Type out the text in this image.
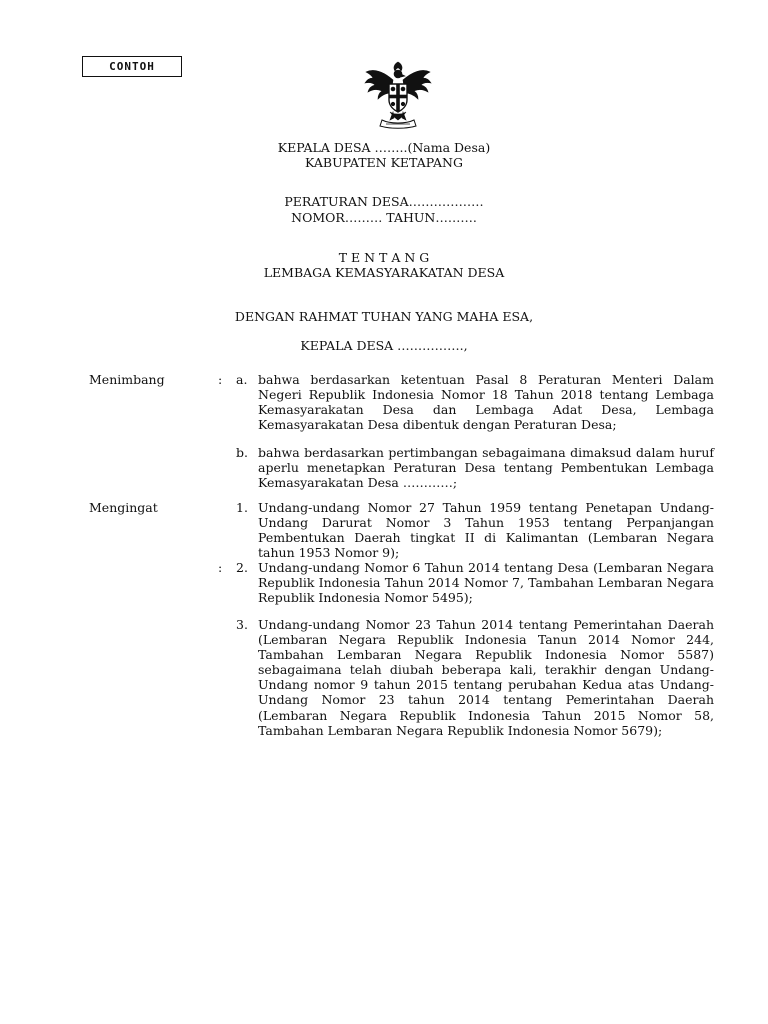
CONTOH
KEPALA DESA ……..(Nama Desa)
KABUPATEN KETAPANG
PERATURAN DESA………………
NOMOR……… TAHUN……….
T E N T A N G
LEMBAGA KEMASYARAKATAN DESA
DENGAN RAHMAT TUHAN YANG MAHA ESA,
KEPALA DESA …………….,
Menimbang	: a. bahwa berdasarkan ketentuan Pasal 8 Peraturan Menteri Dalam Negeri Republik Indonesia Nomor 18 Tahun 2018 tentang Lembaga Kemasyarakatan Desa dan Lembaga Adat Desa, Lembaga Kemasyarakatan Desa dibentuk dengan Peraturan Desa;

b. bahwa berdasarkan pertimbangan sebagaimana dimaksud dalam huruf aperlu menetapkan Peraturan Desa tentang Pembentukan Lembaga Kemasyarakatan Desa …………;

Mengingat
:
1. Undang-undang Nomor 27 Tahun 1959 tentang Penetapan Undang-Undang Darurat Nomor 3 Tahun 1953 tentang Perpanjangan Pembentukan Daerah tingkat II di Kalimantan (Lembaran Negara tahun 1953 Nomor 9);

2. Undang-undang Nomor 6 Tahun 2014 tentang Desa (Lembaran Negara Republik Indonesia Tahun 2014 Nomor 7, Tambahan Lembaran Negara Republik Indonesia Nomor 5495);

3. Undang-undang Nomor 23 Tahun 2014 tentang Pemerintahan Daerah (Lembaran Negara Republik Indonesia Tanun 2014 Nomor 244, Tambahan Lembaran Negara Republik Indonesia Nomor 5587) sebagaimana telah diubah beberapa kali, terakhir dengan Undang-Undang nomor 9 tahun 2015 tentang perubahan Kedua atas Undang-Undang Nomor 23 tahun 2014 tentang Pemerintahan Daerah (Lembaran Negara Republik Indonesia Tahun 2015 Nomor 58, Tambahan Lembaran Negara Republik Indonesia Nomor 5679);
